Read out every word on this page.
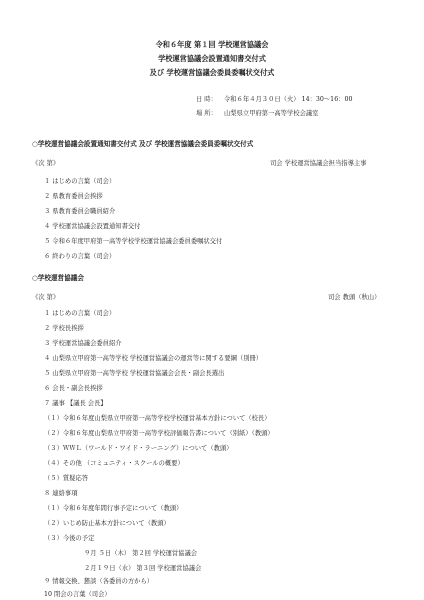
令和６年度 第１回 学校運営協議会
学校運営協議会設置通知書交付式
及び 学校運営協議会委員委嘱状交付式
日 時： 令和６年４月３０日（火） 14：30～16：00
場 所： 山梨県立甲府第一高等学校会議室
○学校運営協議会設置通知書交付式 及び 学校運営協議会委員委嘱状交付式
《次 第》	司会 学校運営協議会担当指導主事
１ はじめの言葉（司会）
２ 県教育委員会挨拶
３ 県教育委員会職員紹介
４ 学校運営協議会設置通知書交付
５ 令和６年度甲府第一高等学校学校運営協議会委員委嘱状交付
６ 終わりの言葉（司会）
○学校運営協議会
《次 第》	司会 教頭（秋山）
１ はじめの言葉（司会）
２ 学校長挨拶
３ 学校運営協議会委員紹介
４ 山梨県立甲府第一高等学校 学校運営協議会の運営等に関する要綱（別冊）
５ 山梨県立甲府第一高等学校 学校運営協議会会長・副会長選出
６ 会長・副会長挨拶
７ 議事 【議長 会長】
（１）令和６年度山梨県立甲府第一高等学校学校運営基本方針について（校長）
（２）令和６年度山梨県立甲府第一高等学校評価報告書について（別紙）（教頭）
（３）ＷＷＬ（ワールド・ワイド・ラーニング）について（教頭）
（４）その他 （コミュニティ・スクールの概要）
（５）質疑応答
８ 連絡事項
（１）令和６年度年間行事予定について（教頭）
（２）いじめ防止基本方針について（教頭）
（３）今後の予定
９月 ５日（木） 第２回 学校運営協議会
２月１９日（水） 第３回 学校運営協議会
９ 情報交換、懇談（各委員の方から）
10 閉会の言葉（司会）
